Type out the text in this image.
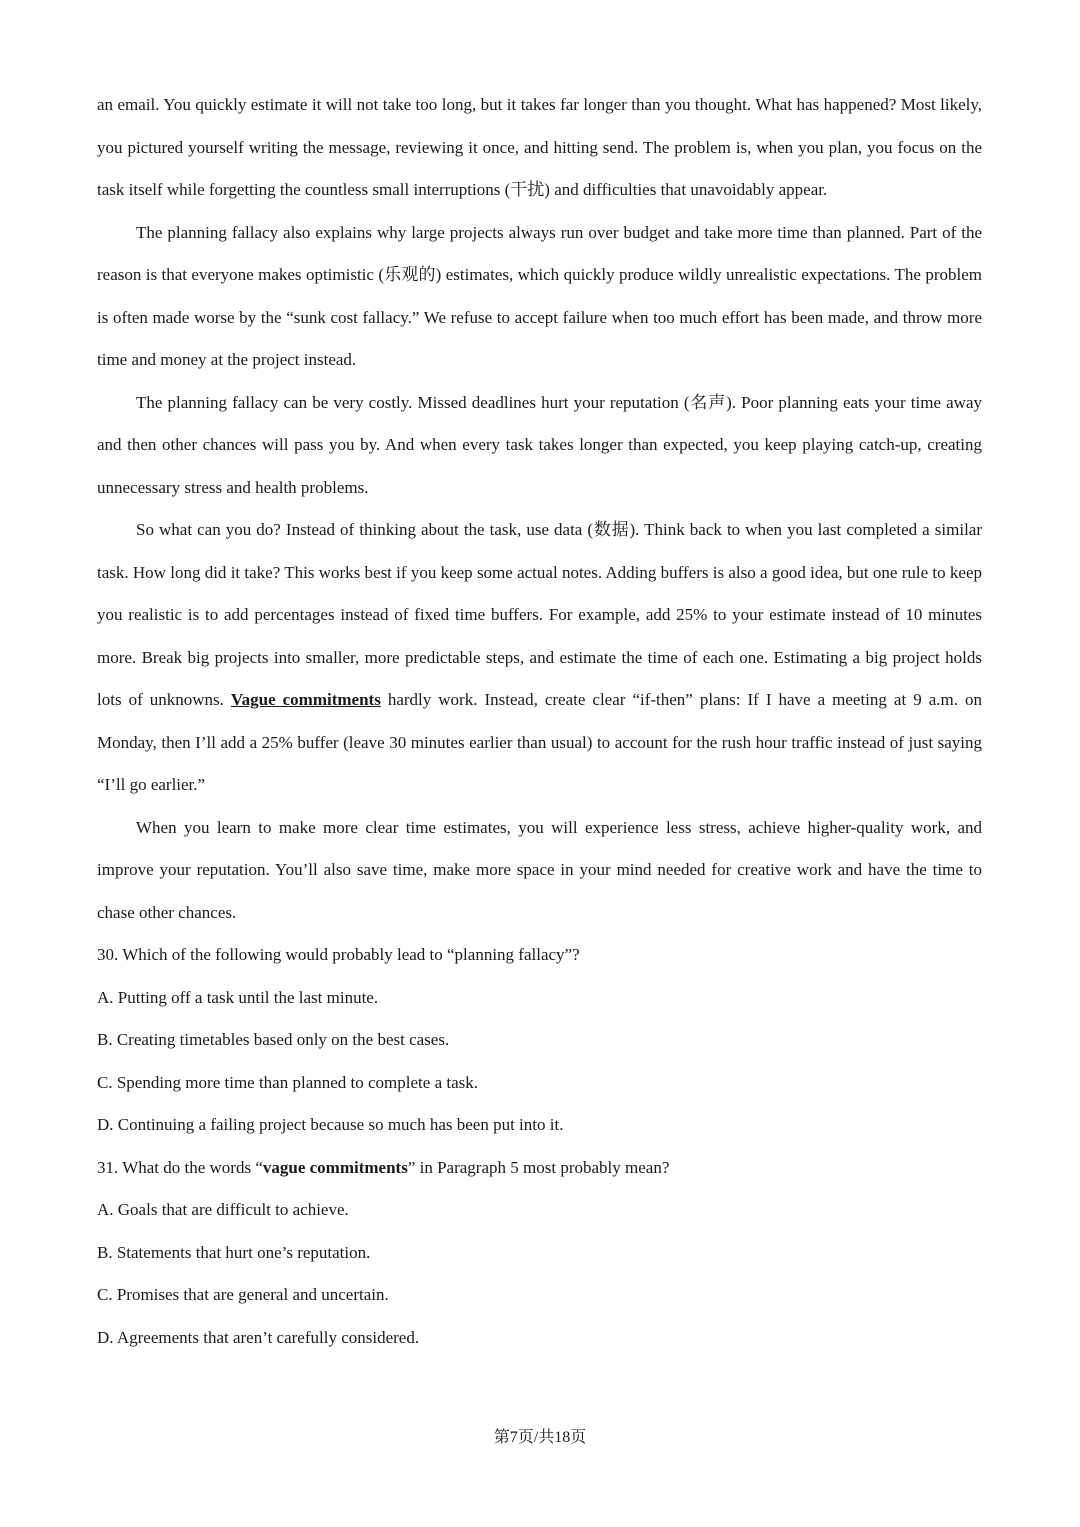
an email. You quickly estimate it will not take too long, but it takes far longer than you thought. What has happened? Most likely, you pictured yourself writing the message, reviewing it once, and hitting send. The problem is, when you plan, you focus on the task itself while forgetting the countless small interruptions (干扰) and difficulties that unavoidably appear.

The planning fallacy also explains why large projects always run over budget and take more time than planned. Part of the reason is that everyone makes optimistic (乐观的) estimates, which quickly produce wildly unrealistic expectations. The problem is often made worse by the “sunk cost fallacy.” We refuse to accept failure when too much effort has been made, and throw more time and money at the project instead.

The planning fallacy can be very costly. Missed deadlines hurt your reputation (名声). Poor planning eats your time away and then other chances will pass you by. And when every task takes longer than expected, you keep playing catch-up, creating unnecessary stress and health problems.

So what can you do? Instead of thinking about the task, use data (数据). Think back to when you last completed a similar task. How long did it take? This works best if you keep some actual notes. Adding buffers is also a good idea, but one rule to keep you realistic is to add percentages instead of fixed time buffers. For example, add 25% to your estimate instead of 10 minutes more. Break big projects into smaller, more predictable steps, and estimate the time of each one. Estimating a big project holds lots of unknowns. Vague commitments hardly work. Instead, create clear “if-then” plans: If I have a meeting at 9 a.m. on Monday, then I’ll add a 25% buffer (leave 30 minutes earlier than usual) to account for the rush hour traffic instead of just saying “I’ll go earlier.”

When you learn to make more clear time estimates, you will experience less stress, achieve higher-quality work, and improve your reputation. You’ll also save time, make more space in your mind needed for creative work and have the time to chase other chances.

30. Which of the following would probably lead to “planning fallacy”?

A. Putting off a task until the last minute.

B. Creating timetables based only on the best cases.

C. Spending more time than planned to complete a task.

D. Continuing a failing project because so much has been put into it.

31. What do the words “vague commitments” in Paragraph 5 most probably mean?

A. Goals that are difficult to achieve.

B. Statements that hurt one’s reputation.

C. Promises that are general and uncertain.

D. Agreements that aren’t carefully considered.

第7页/共18页
